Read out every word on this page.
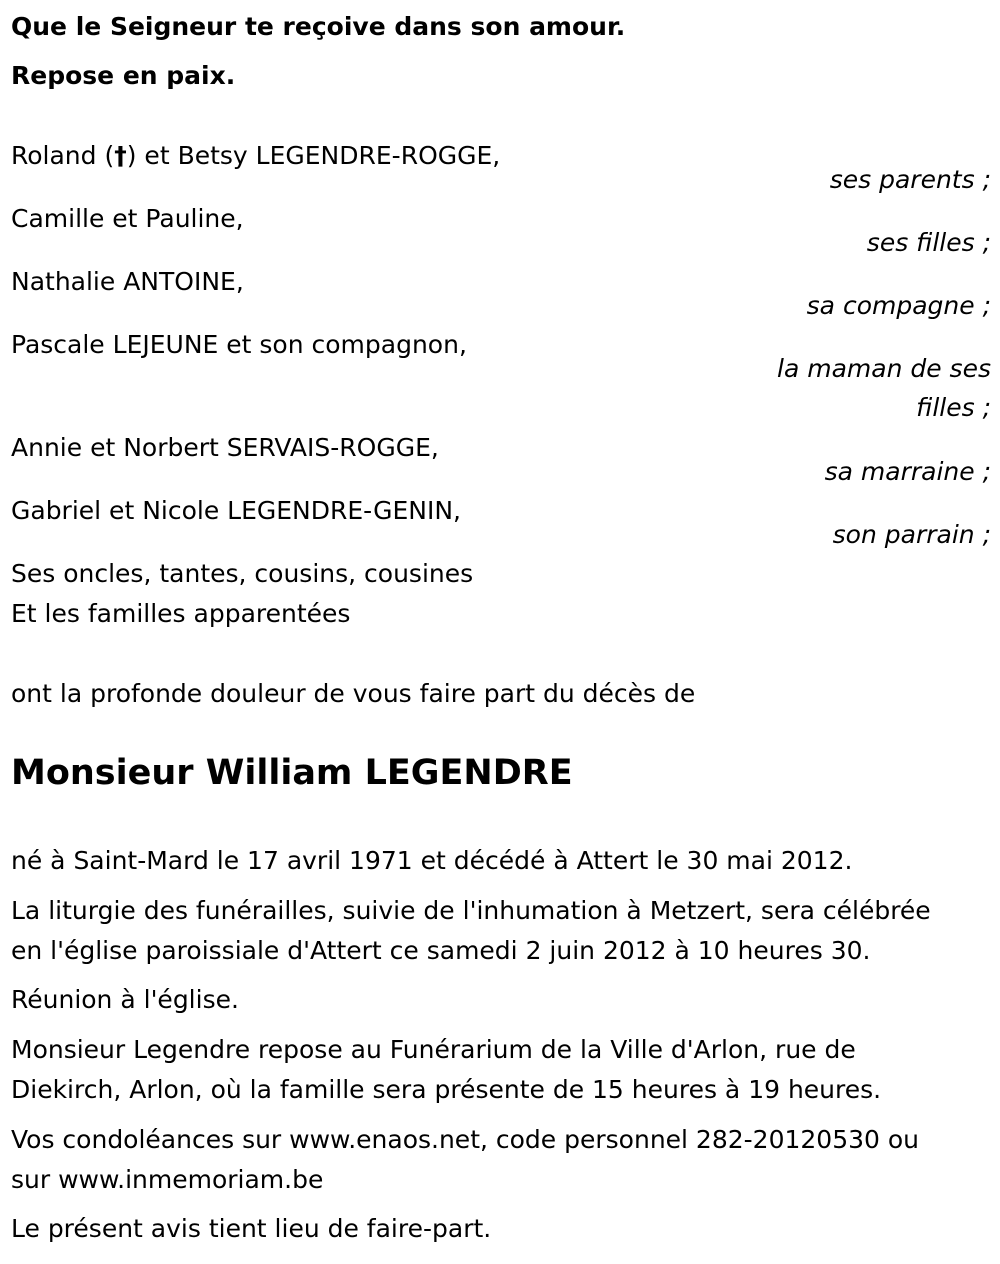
Que le Seigneur te reçoive dans son amour.
Repose en paix.
Roland (†) et Betsy LEGENDRE-ROGGE,
ses parents ;
Camille et Pauline,
ses filles ;
Nathalie ANTOINE,
sa compagne ;
Pascale LEJEUNE et son compagnon,
la maman de ses
filles ;
Annie et Norbert SERVAIS-ROGGE,
sa marraine ;
Gabriel et Nicole LEGENDRE-GENIN,
son parrain ;
Ses oncles, tantes, cousins, cousines
Et les familles apparentées
ont la profonde douleur de vous faire part du décès de
Monsieur William LEGENDRE
né à Saint-Mard le 17 avril 1971 et décédé à Attert le 30 mai 2012.
La liturgie des funérailles, suivie de l'inhumation à Metzert, sera célébrée
en l'église paroissiale d'Attert ce samedi 2 juin 2012 à 10 heures 30.
Réunion à l'église.
Monsieur Legendre repose au Funérarium de la Ville d'Arlon, rue de
Diekirch, Arlon, où la famille sera présente de 15 heures à 19 heures.
Vos condoléances sur www.enaos.net, code personnel 282-20120530 ou
sur www.inmemoriam.be
Le présent avis tient lieu de faire-part.
